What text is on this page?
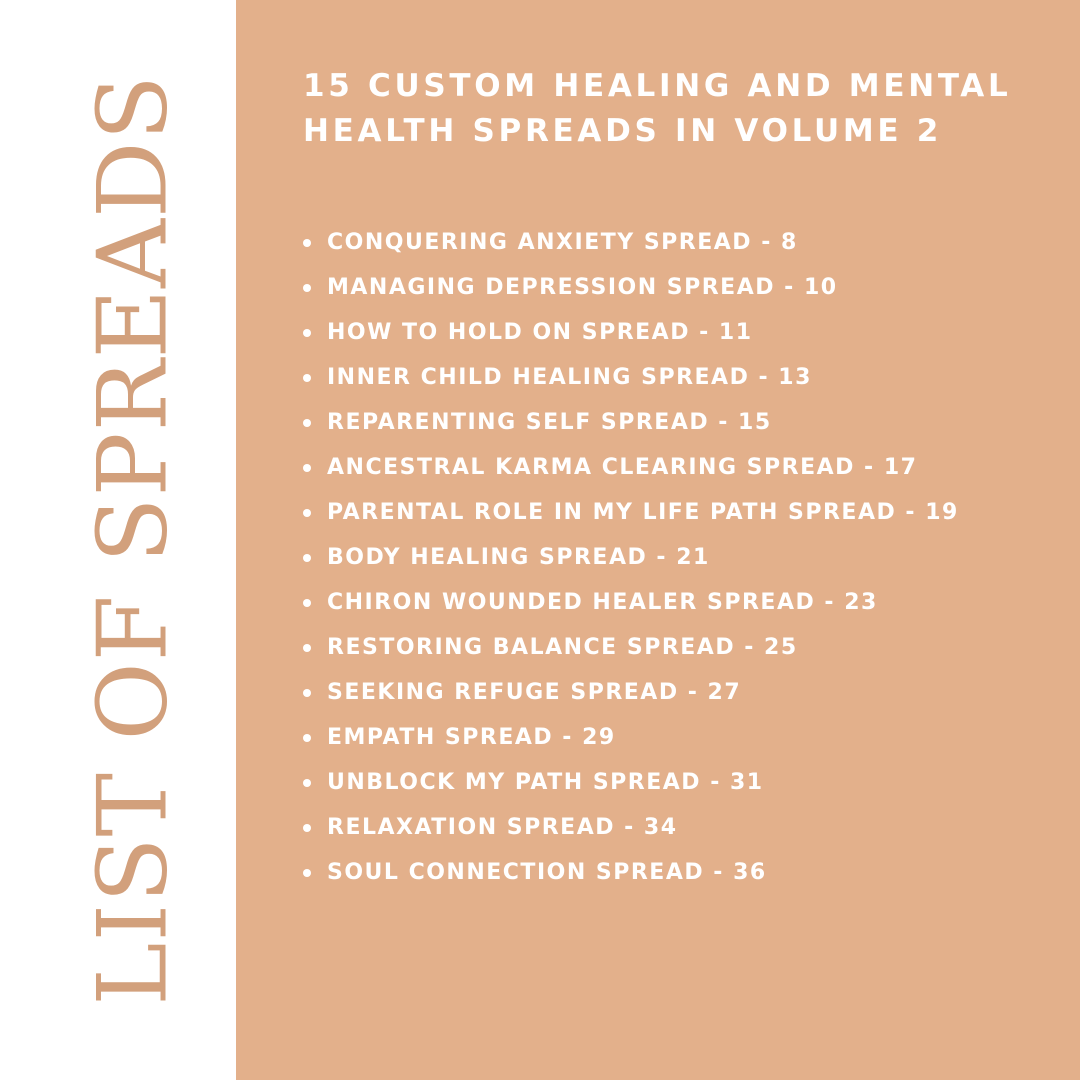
LIST OF SPREADS	15 CUSTOM HEALING AND MENTAL
HEALTH SPREADS IN VOLUME 2
CONQUERING ANXIETY SPREAD - 8
MANAGING DEPRESSION SPREAD - 10
HOW TO HOLD ON SPREAD - 11
INNER CHILD HEALING SPREAD - 13
REPARENTING SELF SPREAD - 15
ANCESTRAL KARMA CLEARING SPREAD - 17
PARENTAL ROLE IN MY LIFE PATH SPREAD - 19
BODY HEALING SPREAD - 21
CHIRON WOUNDED HEALER SPREAD - 23
RESTORING BALANCE SPREAD - 25
SEEKING REFUGE SPREAD - 27
EMPATH SPREAD - 29
UNBLOCK MY PATH SPREAD - 31
RELAXATION SPREAD - 34
SOUL CONNECTION SPREAD - 36
